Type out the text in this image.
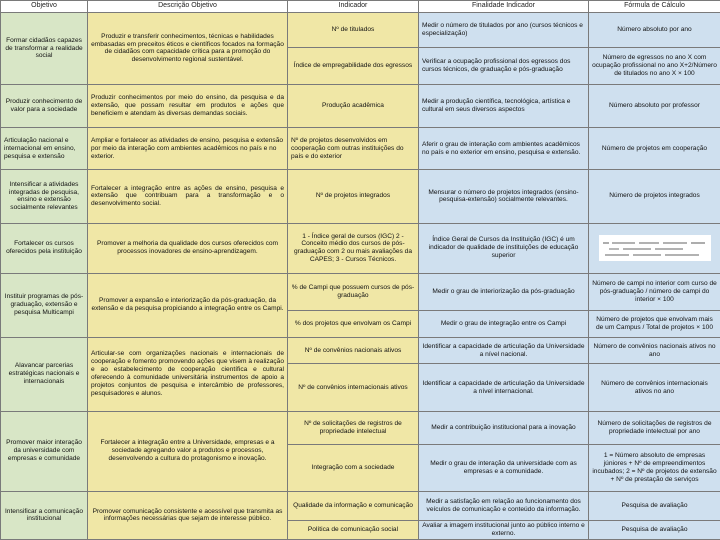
Objetivo	Descrição Objetivo	Indicador	Finalidade Indicador	Fórmula de Cálculo
Formar cidadãos capazes de transformar a realidade social	Produzir e transferir conhecimentos, técnicas e habilidades embasadas em preceitos éticos e científicos focados na formação de cidadãos com capacidade crítica para a promoção do desenvolvimento regional sustentável.	Nº de titulados	Medir o número de titulados por ano (cursos técnicos e especialização)	Número absoluto por ano
		Índice de empregabilidade dos egressos	Verificar a ocupação profissional dos egressos dos cursos técnicos, de graduação e pós-graduação	Número de egressos no ano X com ocupação profissional no ano X+2/Número de titulados no ano X × 100
Produzir conhecimento de valor para a sociedade	Produzir conhecimentos por meio do ensino, da pesquisa e da extensão, que possam resultar em produtos e ações que beneficiem e atendam às diversas demandas sociais.	Produção acadêmica	Medir a produção científica, tecnológica, artística e cultural em seus diversos aspectos	Número absoluto por professor
Articulação nacional e internacional em ensino, pesquisa e extensão	Ampliar e fortalecer as atividades de ensino, pesquisa e extensão por meio da interação com ambientes acadêmicos no país e no exterior.	Nº de projetos desenvolvidos em cooperação com outras instituições do país e do exterior	Aferir o grau de interação com ambientes acadêmicos no país e no exterior em ensino, pesquisa e extensão.	Número de projetos em cooperação
Intensificar a atividades integradas de pesquisa, ensino e extensão socialmente relevantes	Fortalecer a integração entre as ações de ensino, pesquisa e extensão que contribuam para a transformação e o desenvolvimento social.	Nº de projetos integrados	Mensurar o número de projetos integrados (ensino-pesquisa-extensão) socialmente relevantes.	Número de projetos integrados
Fortalecer os cursos oferecidos pela instituição	Promover a melhoria da qualidade dos cursos oferecidos com processos inovadores de ensino-aprendizagem.	1 - Índice geral de cursos (IGC) 2 - Conceito médio dos cursos de pós-graduação com 2 ou mais avaliações da CAPES; 3 - Cursos Técnicos.	Índice Geral de Cursos da Instituição (IGC) é um indicador de qualidade de instituições de educação superior	

Instituir programas de pós-graduação, extensão e pesquisa Multicampi	Promover a expansão e interiorização da pós-graduação, da extensão e da pesquisa propiciando a integração entre os Campi.	% de Campi que possuem cursos de pós-graduação	Medir o grau de interiorização da pós-graduação	Número de campi no interior com curso de pós-graduação / número de campi do interior × 100
		% dos projetos que envolvam os Campi	Medir o grau de integração entre os Campi	Número de projetos que envolvam mais de um Campus / Total de projetos × 100
Alavancar parcerias estratégicas nacionais e internacionais	Articular-se com organizações nacionais e internacionais de cooperação e fomento promovendo ações que visem à realização e ao estabelecimento de cooperação científica e cultural oferecendo à comunidade universitária instrumentos de apoio a projetos conjuntos de pesquisa e intercâmbio de professores, pesquisadores e alunos.	Nº de convênios nacionais ativos	Identificar a capacidade de articulação da Universidade a nível nacional.	Número de convênios nacionais ativos no ano
		Nº de convênios internacionais ativos	Identificar a capacidade de articulação da Universidade a nível internacional.	Número de convênios internacionais ativos no ano
Promover maior interação da universidade com empresas e comunidade	Fortalecer a integração entre a Universidade, empresas e a sociedade agregando valor a produtos e processos, desenvolvendo a cultura do protagonismo e inovação.	Nº de solicitações de registros de propriedade intelectual	Medir a contribuição institucional para a inovação	Número de solicitações de registros de propriedade intelectual por ano
		Integração com a sociedade	Medir o grau de interação da universidade com as empresas e a comunidade.	1 = Número absoluto de empresas júniores + Nº de empreendimentos incubados; 2 = Nº de projetos de extensão + Nº de prestação de serviços
Intensificar a comunicação institucional	Promover comunicação consistente e acessível que transmita as informações necessárias que sejam de interesse público.	Qualidade da informação e comunicação	Medir a satisfação em relação ao funcionamento dos veículos de comunicação e conteúdo da informação.	Pesquisa de avaliação
		Política de comunicação social	Avaliar a imagem institucional junto ao público interno e externo.	Pesquisa de avaliação
